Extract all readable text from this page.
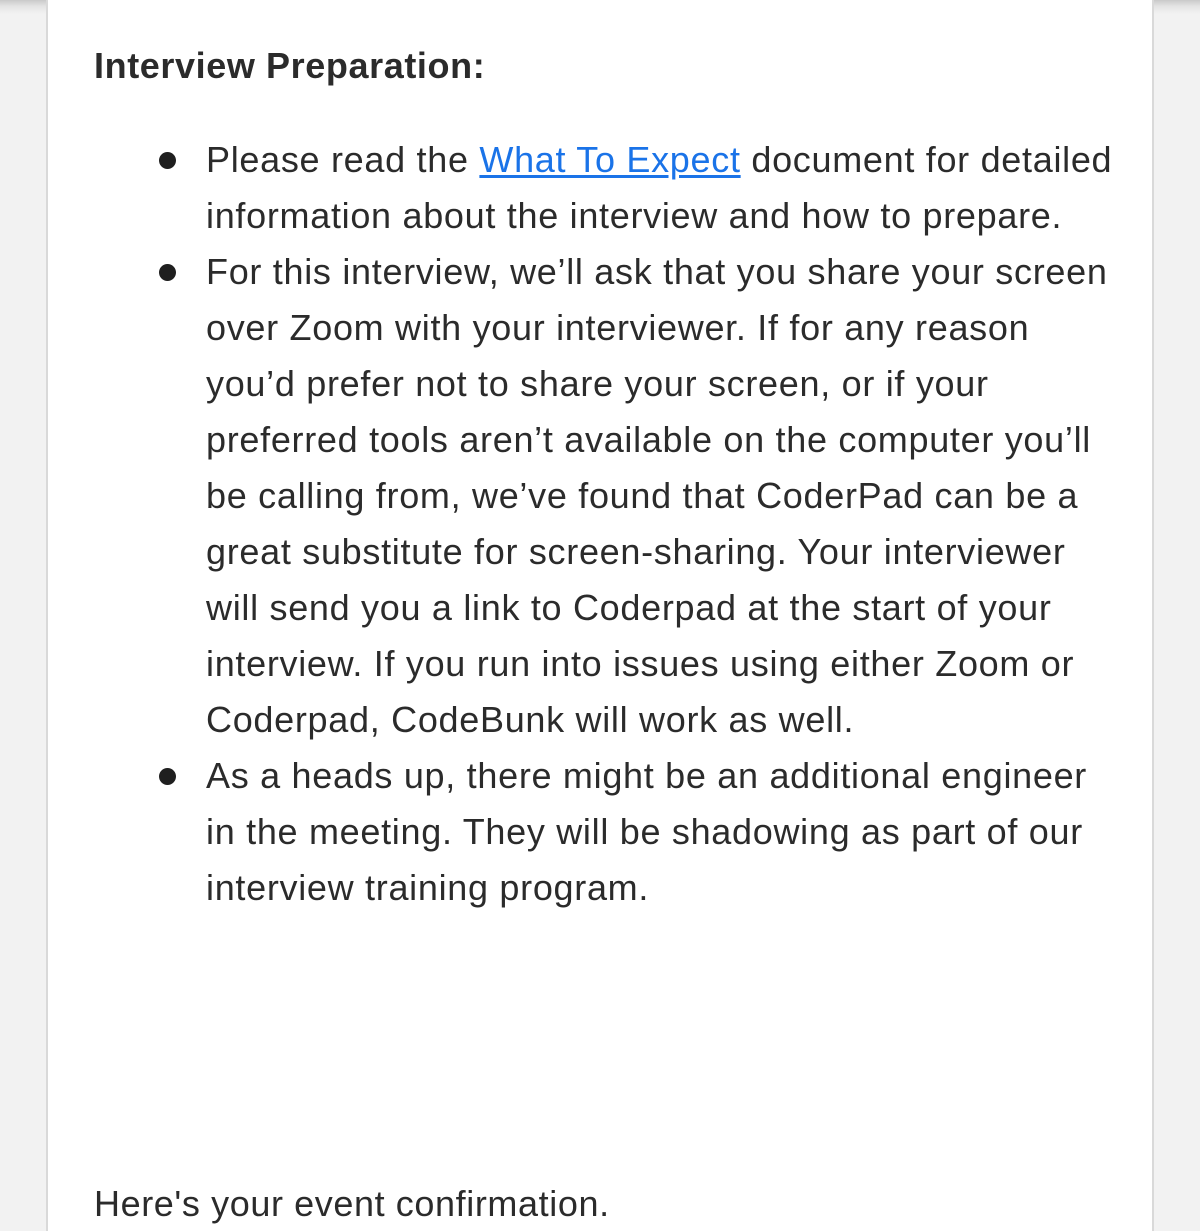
Interview Preparation:
Please read the What To Expect document for detailed information about the interview and how to prepare.
For this interview, we’ll ask that you share your screen over Zoom with your interviewer. If for any reason you’d prefer not to share your screen, or if your preferred tools aren’t available on the computer you’ll be calling from, we’ve found that CoderPad can be a great substitute for screen-sharing. Your interviewer will send you a link to Coderpad at the start of your interview. If you run into issues using either Zoom or Coderpad, CodeBunk will work as well.
As a heads up, there might be an additional engineer in the meeting. They will be shadowing as part of our interview training program.

Here's your event confirmation.
